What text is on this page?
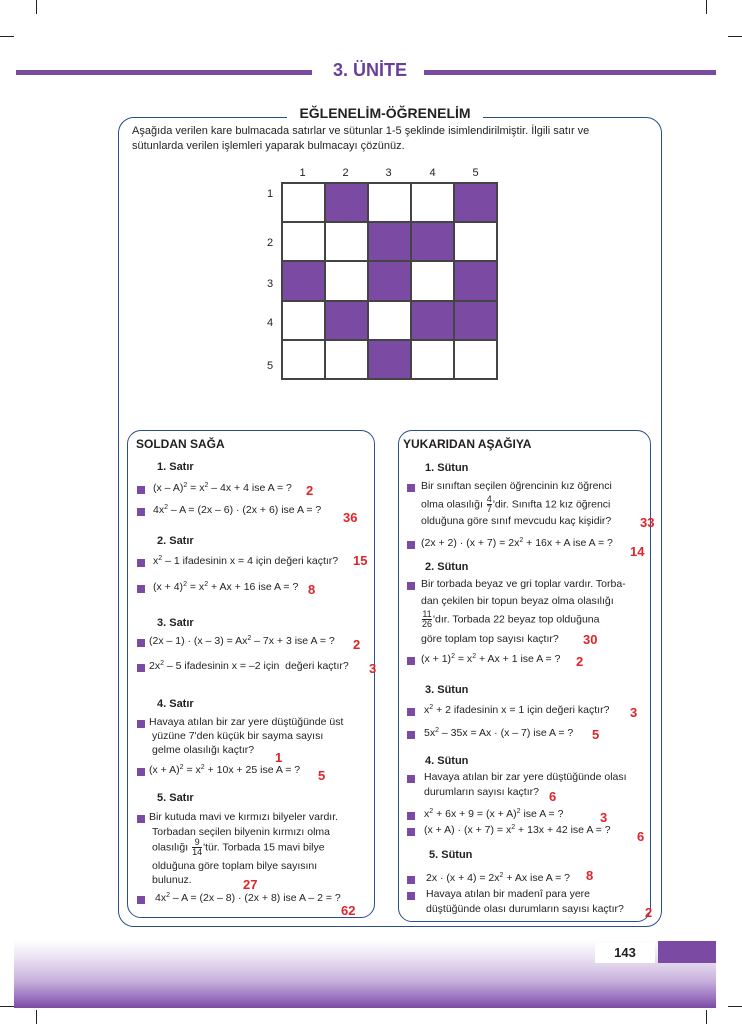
3. ÜNİTE
EĞLENELİM-ÖĞRENELİM
Aşağıda verilen kare bulmacada satırlar ve sütunlar 1-5 şeklinde isimlendirilmiştir. İlgili satır ve sütunlarda verilen işlemleri yaparak bulmacayı çözünüz.
1	2	3	4	5
1
2
3
4
5
SOLDAN SAĞA
1. Satır
$(x - A)^2 = x^2 - 4x + 4$ ise A = ? 2
$4x^2 - A = (2x - 6) \cdot (2x + 6)$ ise A = ? 36
2. Satır
$x^2 - 1$ ifadesinin x = 4 için değeri kaçtır? 15
$(x + 4)^2 = x^2 + Ax + 16$ ise A = ? 8
3. Satır
$(2x - 1) \cdot (x - 3) = Ax^2 - 7x + 3$ ise A = ? 2
$2x^2 - 5$ ifadesinin x = –2 için  değeri kaçtır? 3
4. Satır
Havaya atılan bir zar yere düştüğünde üst
yüzüne 7'den küçük bir sayma sayısı
gelme olasılığı kaçtır? 1
$(x + A)^2 = x^2 + 10x + 25$ ise A = ? 5
5. Satır
Bir kutuda mavi ve kırmızı bilyeler vardır.
Torbadan seçilen bilyenin kırmızı olma
olasılığı $\frac{9}{14}$ 'tür. Torbada 15 mavi bilye
olduğuna göre toplam bilye sayısını
bulunuz.	27
$4x^2 - A = (2x - 8) \cdot (2x + 8)$ ise A – 2 = ?
62
YUKARIDAN AŞAĞIYA
1. Sütun
Bir sınıftan seçilen öğrencinin kız öğrenci
olma olasılığı $\frac{4}{7}$ 'dir. Sınıfta 12 kız öğrenci
olduğuna göre sınıf mevcudu kaç kişidir? 33
$(2x + 2) \cdot (x + 7) = 2x^2 + 16x + A$ ise A = ?
14
2. Sütun
Bir torbada beyaz ve gri toplar vardır. Torba-
dan çekilen bir topun beyaz olma olasılığı
$\frac{11}{26}$ 'dır. Torbada 22 beyaz top olduğuna
göre toplam top sayısı kaçtır? 30
$(x + 1)^2 = x^2 + Ax + 1$ ise A = ? 2
3. Sütun
$x^2 + 2$ ifadesinin x = 1 için değeri kaçtır? 3
$5x^2 - 35x = Ax \cdot (x - 7)$ ise A = ? 5
4. Sütun
Havaya atılan bir zar yere düştüğünde olası
durumların sayısı kaçtır? 6
$x^2 + 6x + 9 = (x + A)^2$ ise A = ?	3
$(x + A) \cdot (x + 7) = x^2 + 13x + 42$ ise A = ? 6
5. Sütun
$2x \cdot (x + 4) = 2x^2 + Ax$ ise A = ? 8
Havaya atılan bir madenî para yere
düştüğünde olası durumların sayısı kaçtır? 2
143
